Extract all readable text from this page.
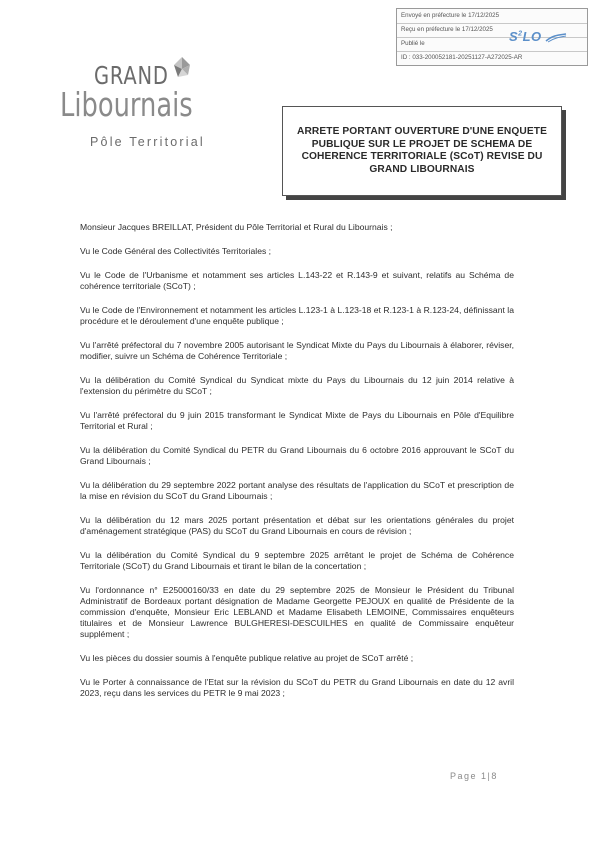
Envoyé en préfecture le 17/12/2025
Reçu en préfecture le 17/12/2025
Publié le
ID : 033-200052181-20251127-A272025-AR
$S^2LO$
GRAND
Libournais
Pôle Territorial
ARRETE PORTANT OUVERTURE D'UNE ENQUETE PUBLIQUE SUR LE PROJET DE SCHEMA DE COHERENCE TERRITORIALE (SCoT) REVISE DU GRAND LIBOURNAIS

Monsieur Jacques BREILLAT, Président du Pôle Territorial et Rural du Libournais ;

Vu le Code Général des Collectivités Territoriales ;

Vu le Code de l'Urbanisme et notamment ses articles L.143-22 et R.143-9 et suivant, relatifs au Schéma de cohérence territoriale (SCoT) ;

Vu le Code de l'Environnement et notamment les articles L.123-1 à L.123-18 et R.123-1 à R.123-24, définissant la procédure et le déroulement d'une enquête publique ;

Vu l'arrêté préfectoral du 7 novembre 2005 autorisant le Syndicat Mixte du Pays du Libournais à élaborer, réviser, modifier, suivre un Schéma de Cohérence Territoriale ;

Vu la délibération du Comité Syndical du Syndicat mixte du Pays du Libournais du 12 juin 2014 relative à l'extension du périmètre du SCoT ;

Vu l'arrêté préfectoral du 9 juin 2015 transformant le Syndicat Mixte de Pays du Libournais en Pôle d'Equilibre Territorial et Rural ;

Vu la délibération du Comité Syndical du PETR du Grand Libournais du 6 octobre 2016 approuvant le SCoT du Grand Libournais ;

Vu la délibération du 29 septembre 2022 portant analyse des résultats de l'application du SCoT et prescription de la mise en révision du SCoT du Grand Libournais ;

Vu la délibération du 12 mars 2025 portant présentation et débat sur les orientations générales du projet d'aménagement stratégique (PAS) du SCoT du Grand Libournais en cours de révision ;

Vu la délibération du Comité Syndical du 9 septembre 2025 arrêtant le projet de Schéma de Cohérence Territoriale (SCoT) du Grand Libournais et tirant le bilan de la concertation ;

Vu l'ordonnance n° E25000160/33 en date du 29 septembre 2025 de Monsieur le Président du Tribunal Administratif de Bordeaux portant désignation de Madame Georgette PEJOUX en qualité de Présidente de la commission d'enquête, Monsieur Eric LEBLAND et Madame Elisabeth LEMOINE, Commissaires enquêteurs titulaires et de Monsieur Lawrence BULGHERESI-DESCUILHES en qualité de Commissaire enquêteur supplément ;

Vu les pièces du dossier soumis à l'enquête publique relative au projet de SCoT arrêté ;

Vu le Porter à connaissance de l'Etat sur la révision du SCoT du PETR du Grand Libournais en date du 12 avril 2023, reçu dans les services du PETR le 9 mai 2023 ;

Page 1|8
